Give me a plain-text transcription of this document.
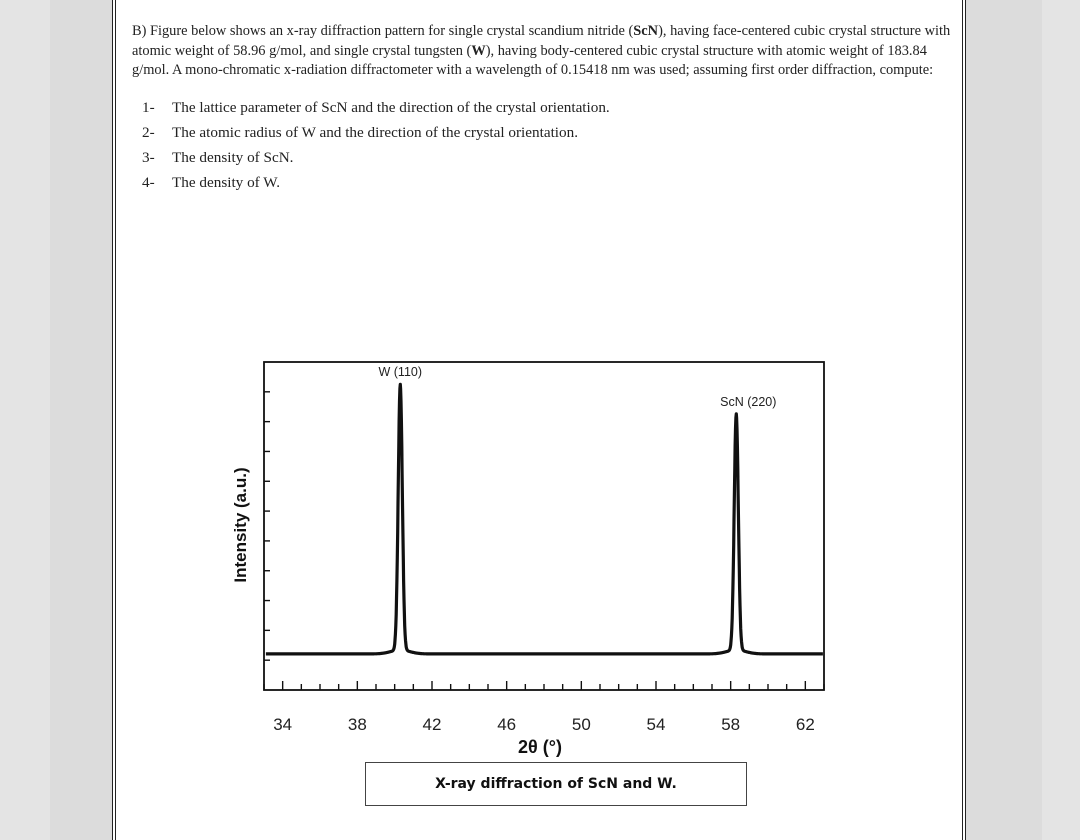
B) Figure below shows an x-ray diffraction pattern for single crystal scandium nitride (ScN), having face-centered cubic crystal structure with atomic weight of 58.96 g/mol, and single crystal tungsten (W), having body-centered cubic crystal structure with atomic weight of 183.84 g/mol. A mono-chromatic x-radiation diffractometer with a wavelength of 0.15418 nm was used; assuming first order diffraction, compute:

1-	The lattice parameter of ScN and the direction of the crystal orientation.
2-	The atomic radius of W and the direction of the crystal orientation.
3-	The density of ScN.
4-	The density of W.
34	38	42	46	50	54	58	62
2θ (°)
Intensity (a.u.)
W (110)
ScN (220)
X-ray diffraction of ScN and W.
